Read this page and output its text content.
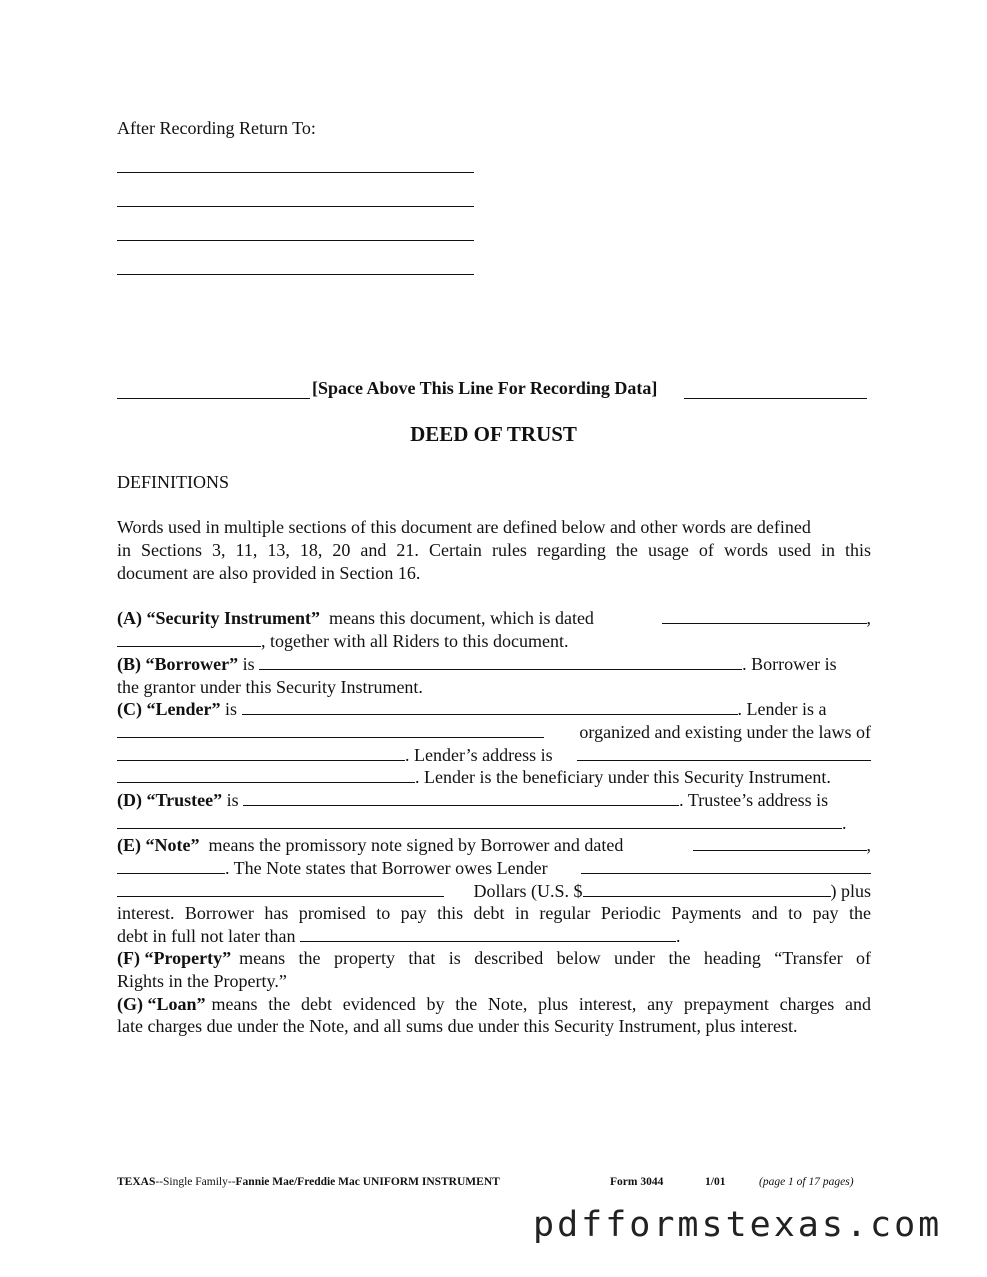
After Recording Return To:
[Space Above This Line For Recording Data]
DEED OF TRUST
DEFINITIONS
Words used in multiple sections of this document are defined below and other words are defined
in Sections 3, 11, 13, 18, 20 and 21. Certain rules regarding the usage of words used in this
document are also provided in Section 16.
(A) “Security Instrument” means this document, which is dated	,
, together with all Riders to this document.
(B) “Borrower” is	. Borrower is
the grantor under this Security Instrument.
(C) “Lender” is	. Lender is a
organized and existing under the laws of
. Lender’s address is
. Lender is the beneficiary under this Security Instrument.
(D) “Trustee” is	. Trustee’s address is
.
(E) “Note” means the promissory note signed by Borrower and dated	,
. The Note states that Borrower owes Lender
Dollars (U.S. $	) plus
interest. Borrower has promised to pay this debt in regular Periodic Payments and to pay the
debt in full not later than	.
(F) “Property” means the property that is described below under the heading “Transfer of
Rights in the Property.”
(G) “Loan” means the debt evidenced by the Note, plus interest, any prepayment charges and
late charges due under the Note, and all sums due under this Security Instrument, plus interest.
TEXAS--Single Family--Fannie Mae/Freddie Mac UNIFORM INSTRUMENT	Form 3044	1/01	(page 1 of 17 pages)
pdfformstexas.com
